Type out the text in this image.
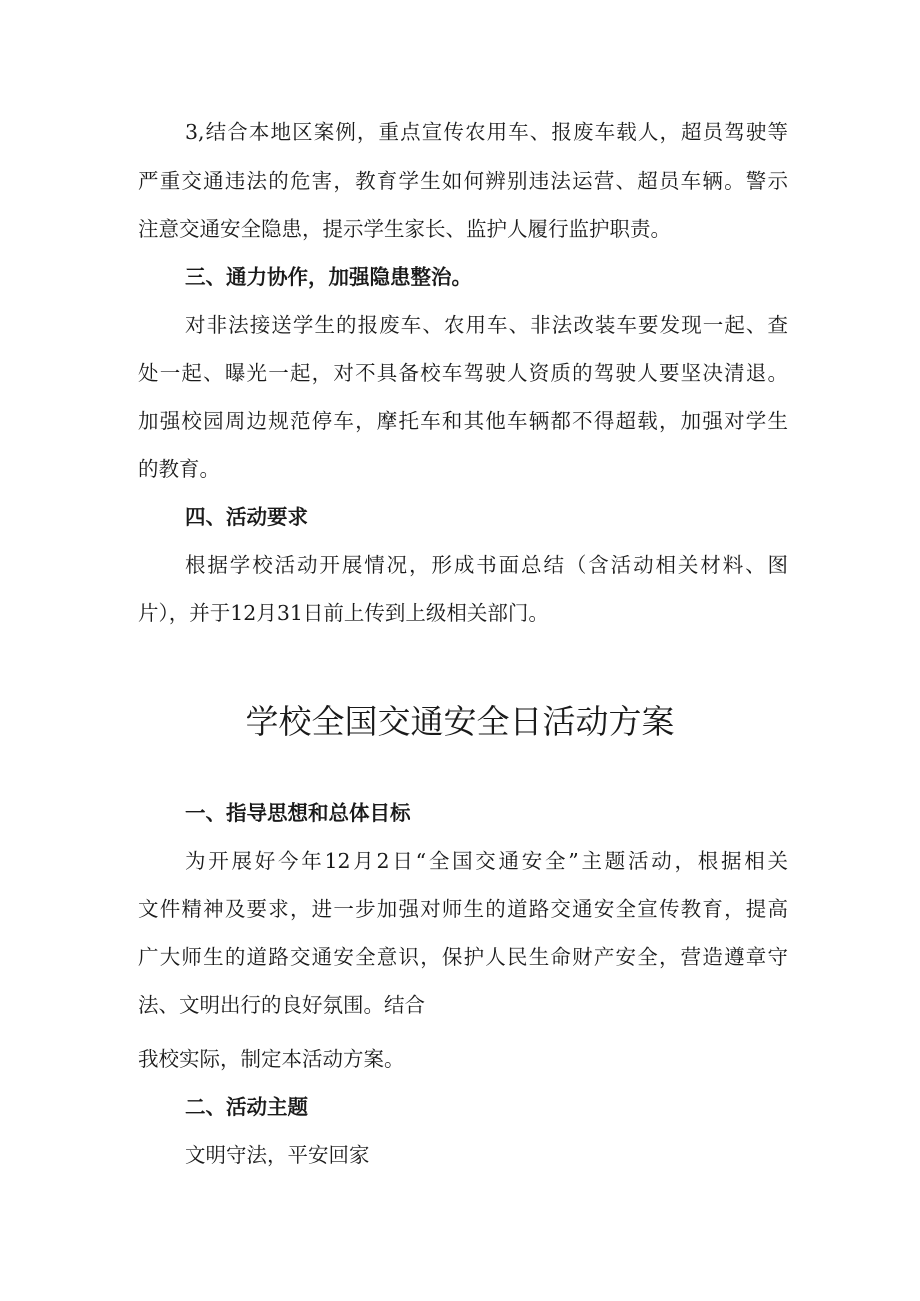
3,结合本地区案例，重点宣传农用车、报废车载人，超员驾驶等

严重交通违法的危害，教育学生如何辨别违法运营、超员车辆。警示

注意交通安全隐患，提示学生家长、监护人履行监护职责。

三、通力协作，加强隐患整治。

对非法接送学生的报废车、农用车、非法改装车要发现一起、查

处一起、曝光一起，对不具备校车驾驶人资质的驾驶人要坚决清退。

加强校园周边规范停车，摩托车和其他车辆都不得超载，加强对学生

的教育。

四、活动要求

根据学校活动开展情况，形成书面总结（含活动相关材料、图

片），并于12月31日前上传到上级相关部门。

学校全国交通安全日活动方案

一、指导思想和总体目标

为开展好今年12月2日“全国交通安全”主题活动，根据相关

文件精神及要求，进一步加强对师生的道路交通安全宣传教育，提高

广大师生的道路交通安全意识，保护人民生命财产安全，营造遵章守

法、文明出行的良好氛围。结合

我校实际，制定本活动方案。

二、活动主题

文明守法，平安回家
